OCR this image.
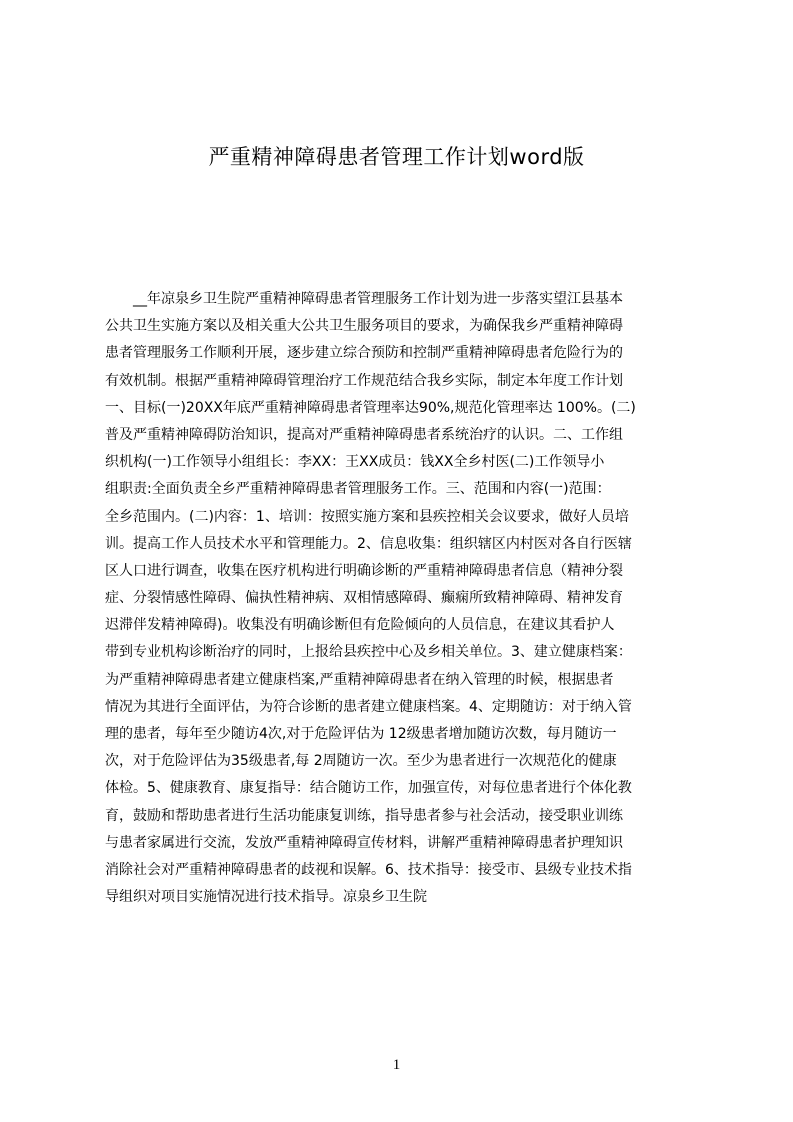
严重精神障碍患者管理工作计划word版
　　__年凉泉乡卫生院严重精神障碍患者管理服务工作计划为进一步落实望江县基本
公共卫生实施方案以及相关重大公共卫生服务项目的要求，为确保我乡严重精神障碍
患者管理服务工作顺利开展，逐步建立综合预防和控制严重精神障碍患者危险行为的
有效机制。根据严重精神障碍管理治疗工作规范结合我乡实际，制定本年度工作计划
一、目标(一)20XX年底严重精神障碍患者管理率达90%,规范化管理率达 100%。(二)
普及严重精神障碍防治知识，提高对严重精神障碍患者系统治疗的认识。二、工作组
织机构(一)工作领导小组组长：李XX：王XX成员：钱XX全乡村医(二)工作领导小
组职责:全面负责全乡严重精神障碍患者管理服务工作。三、范围和内容(一)范围：
全乡范围内。(二)内容：1、培训：按照实施方案和县疾控相关会议要求，做好人员培
训。提高工作人员技术水平和管理能力。2、信息收集：组织辖区内村医对各自行医辖
区人口进行调查，收集在医疗机构进行明确诊断的严重精神障碍患者信息（精神分裂
症、分裂情感性障碍、偏执性精神病、双相情感障碍、癫痫所致精神障碍、精神发育
迟滞伴发精神障碍)。收集没有明确诊断但有危险倾向的人员信息，在建议其看护人
带到专业机构诊断治疗的同时，上报给县疾控中心及乡相关单位。3、建立健康档案：
为严重精神障碍患者建立健康档案,严重精神障碍患者在纳入管理的时候，根据患者
情况为其进行全面评估，为符合诊断的患者建立健康档案。4、定期随访：对于纳入管
理的患者，每年至少随访4次,对于危险评估为 12级患者增加随访次数，每月随访一
次，对于危险评估为35级患者,每 2周随访一次。至少为患者进行一次规范化的健康
体检。5、健康教育、康复指导：结合随访工作，加强宣传，对每位患者进行个体化教
育，鼓励和帮助患者进行生活功能康复训练，指导患者参与社会活动，接受职业训练
与患者家属进行交流，发放严重精神障碍宣传材料，讲解严重精神障碍患者护理知识
消除社会对严重精神障碍患者的歧视和误解。6、技术指导：接受市、县级专业技术指
导组织对项目实施情况进行技术指导。凉泉乡卫生院
1
